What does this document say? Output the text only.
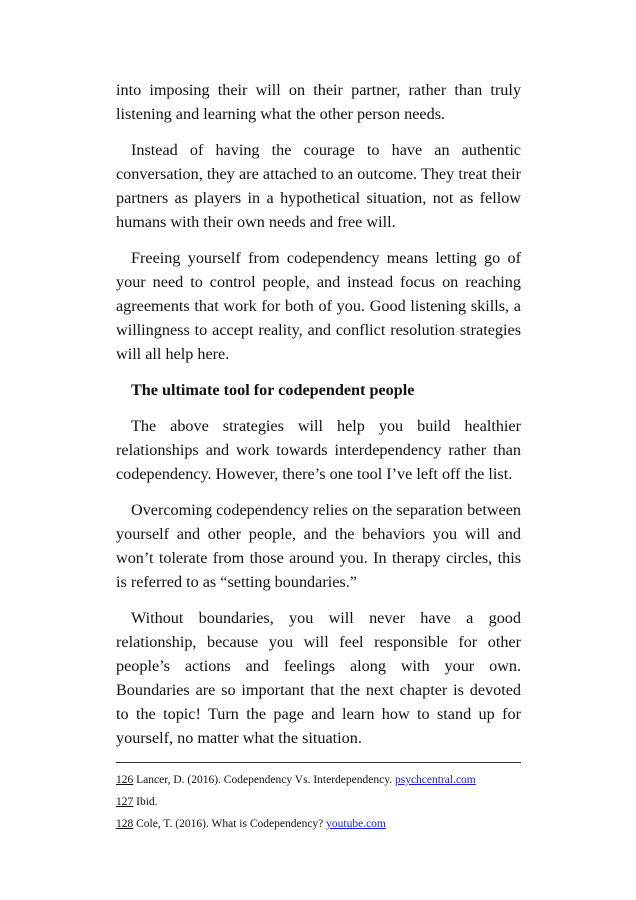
into imposing their will on their partner, rather than truly listening and learning what the other person needs.

Instead of having the courage to have an authentic conversation, they are attached to an outcome. They treat their partners as players in a hypothetical situation, not as fellow humans with their own needs and free will.

Freeing yourself from codependency means letting go of your need to control people, and instead focus on reaching agreements that work for both of you. Good listening skills, a willingness to accept reality, and conflict resolution strategies will all help here.

The ultimate tool for codependent people

The above strategies will help you build healthier relationships and work towards interdependency rather than codependency. However, there’s one tool I’ve left off the list.

Overcoming codependency relies on the separation between yourself and other people, and the behaviors you will and won’t tolerate from those around you. In therapy circles, this is referred to as “setting boundaries.”

Without boundaries, you will never have a good relationship, because you will feel responsible for other people’s actions and feelings along with your own. Boundaries are so important that the next chapter is devoted to the topic! Turn the page and learn how to stand up for yourself, no matter what the situation.

126 Lancer, D. (2016). Codependency Vs. Interdependency. psychcentral.com
127 Ibid.
128 Cole, T. (2016). What is Codependency? youtube.com
